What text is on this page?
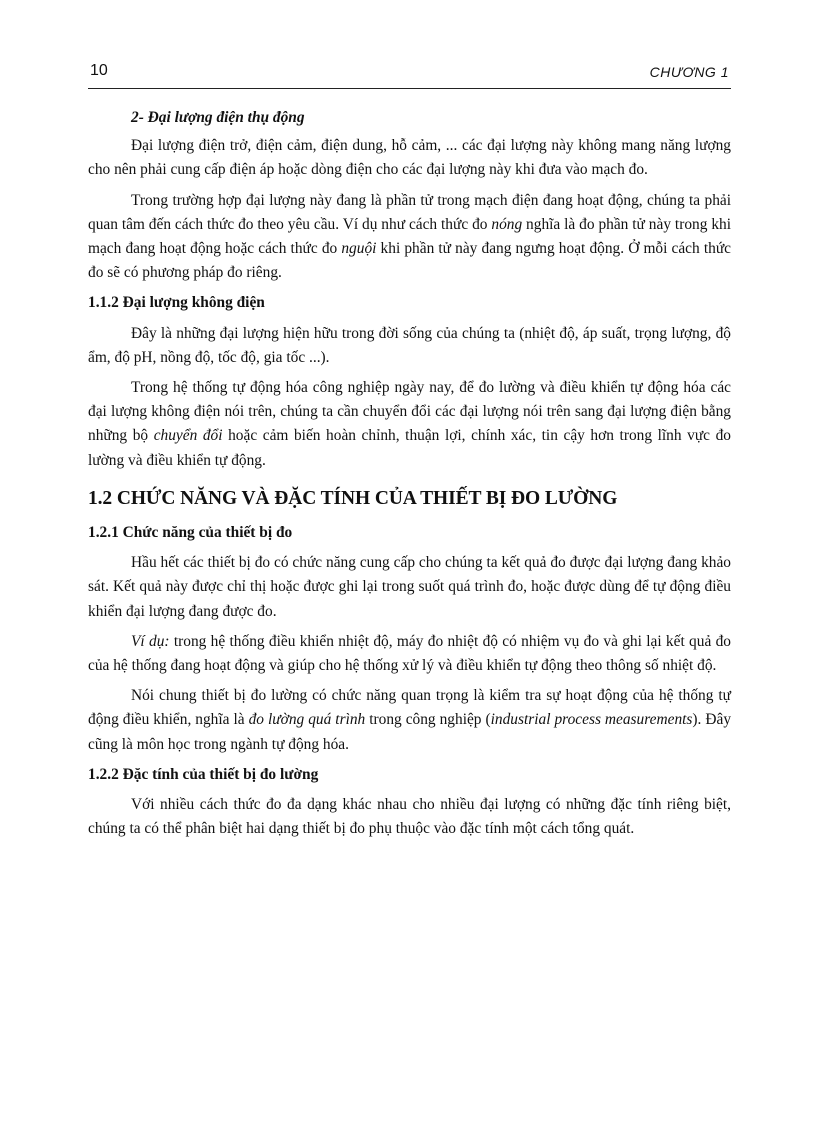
10	CHƯƠNG 1
2- Đại lượng điện thụ động

Đại lượng điện trở, điện cảm, điện dung, hỗ cảm, ... các đại lượng này không mang năng lượng cho nên phải cung cấp điện áp hoặc dòng điện cho các đại lượng này khi đưa vào mạch đo.

Trong trường hợp đại lượng này đang là phần tử trong mạch điện đang hoạt động, chúng ta phải quan tâm đến cách thức đo theo yêu cầu. Ví dụ như cách thức đo nóng nghĩa là đo phần tử này trong khi mạch đang hoạt động hoặc cách thức đo nguội khi phần tử này đang ngưng hoạt động. Ở mỗi cách thức đo sẽ có phương pháp đo riêng.

1.1.2 Đại lượng không điện

Đây là những đại lượng hiện hữu trong đời sống của chúng ta (nhiệt độ, áp suất, trọng lượng, độ ẩm, độ pH, nồng độ, tốc độ, gia tốc ...).

Trong hệ thống tự động hóa công nghiệp ngày nay, để đo lường và điều khiển tự động hóa các đại lượng không điện nói trên, chúng ta cần chuyển đổi các đại lượng nói trên sang đại lượng điện bằng những bộ chuyển đổi hoặc cảm biến hoàn chỉnh, thuận lợi, chính xác, tin cậy hơn trong lĩnh vực đo lường và điều khiển tự động.

1.2 CHỨC NĂNG VÀ ĐẶC TÍNH CỦA THIẾT BỊ ĐO LƯỜNG
1.2.1 Chức năng của thiết bị đo

Hầu hết các thiết bị đo có chức năng cung cấp cho chúng ta kết quả đo được đại lượng đang khảo sát. Kết quả này được chỉ thị hoặc được ghi lại trong suốt quá trình đo, hoặc được dùng để tự động điều khiển đại lượng đang được đo.

Ví dụ: trong hệ thống điều khiển nhiệt độ, máy đo nhiệt độ có nhiệm vụ đo và ghi lại kết quả đo của hệ thống đang hoạt động và giúp cho hệ thống xử lý và điều khiển tự động theo thông số nhiệt độ.

Nói chung thiết bị đo lường có chức năng quan trọng là kiểm tra sự hoạt động của hệ thống tự động điều khiển, nghĩa là đo lường quá trình trong công nghiệp (industrial process measurements). Đây cũng là môn học trong ngành tự động hóa.

1.2.2 Đặc tính của thiết bị đo lường

Với nhiều cách thức đo đa dạng khác nhau cho nhiều đại lượng có những đặc tính riêng biệt, chúng ta có thể phân biệt hai dạng thiết bị đo phụ thuộc vào đặc tính một cách tổng quát.
